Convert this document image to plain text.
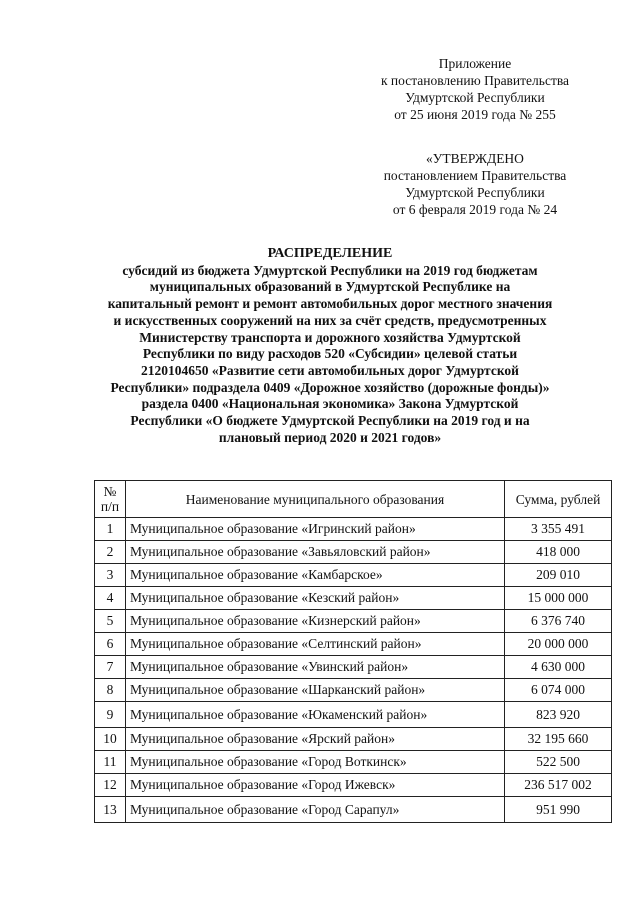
Приложение
к постановлению Правительства
Удмуртской Республики
от 25 июня 2019 года № 255
«УТВЕРЖДЕНО
постановлением Правительства
Удмуртской Республики
от 6 февраля 2019 года № 24
РАСПРЕДЕЛЕНИЕ
субсидий из бюджета Удмуртской Республики на 2019 год бюджетам
муниципальных образований в Удмуртской Республике на
капитальный ремонт и ремонт автомобильных дорог местного значения
и искусственных сооружений на них за счёт средств, предусмотренных
Министерству транспорта и дорожного хозяйства Удмуртской
Республики по виду расходов 520 «Субсидии» целевой статьи
2120104650 «Развитие сети автомобильных дорог Удмуртской
Республики» подраздела 0409 «Дорожное хозяйство (дорожные фонды)»
раздела 0400 «Национальная экономика» Закона Удмуртской
Республики «О бюджете Удмуртской Республики на 2019 год и на
плановый период 2020 и 2021 годов»
№
п/п	Наименование муниципального образования	Сумма, рублей
1	Муниципальное образование «Игринский район»	3 355 491
2	Муниципальное образование «Завьяловский район»	418 000
3	Муниципальное образование «Камбарское»	209 010
4	Муниципальное образование «Кезский район»	15 000 000
5	Муниципальное образование «Кизнерский район»	6 376 740
6	Муниципальное образование «Селтинский район»	20 000 000
7	Муниципальное образование «Увинский район»	4 630 000
8	Муниципальное образование «Шарканский район»	6 074 000
9	Муниципальное образование «Юкаменский район»	823 920
10	Муниципальное образование «Ярский район»	32 195 660
11	Муниципальное образование «Город Воткинск»	522 500
12	Муниципальное образование «Город Ижевск»	236 517 002
13	Муниципальное образование «Город Сарапул»	951 990
